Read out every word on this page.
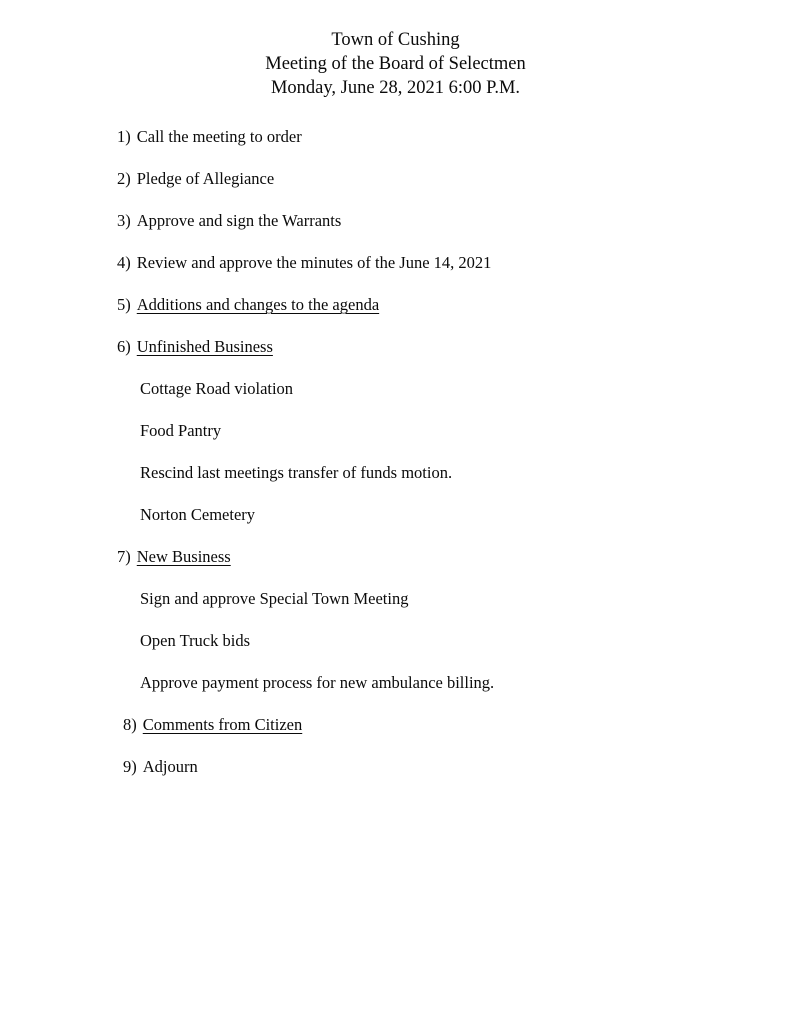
Town of Cushing
Meeting of the Board of Selectmen
Monday, June 28, 2021 6:00 P.M.
1) Call the meeting to order
2) Pledge of Allegiance
3) Approve and sign the Warrants
4) Review and approve the minutes of the June 14, 2021
5) Additions and changes to the agenda
6) Unfinished Business
Cottage Road violation
Food Pantry
Rescind last meetings transfer of funds motion.
Norton Cemetery
7) New Business
Sign and approve Special Town Meeting
Open Truck bids
Approve payment process for new ambulance billing.
8) Comments from Citizen
9) Adjourn
